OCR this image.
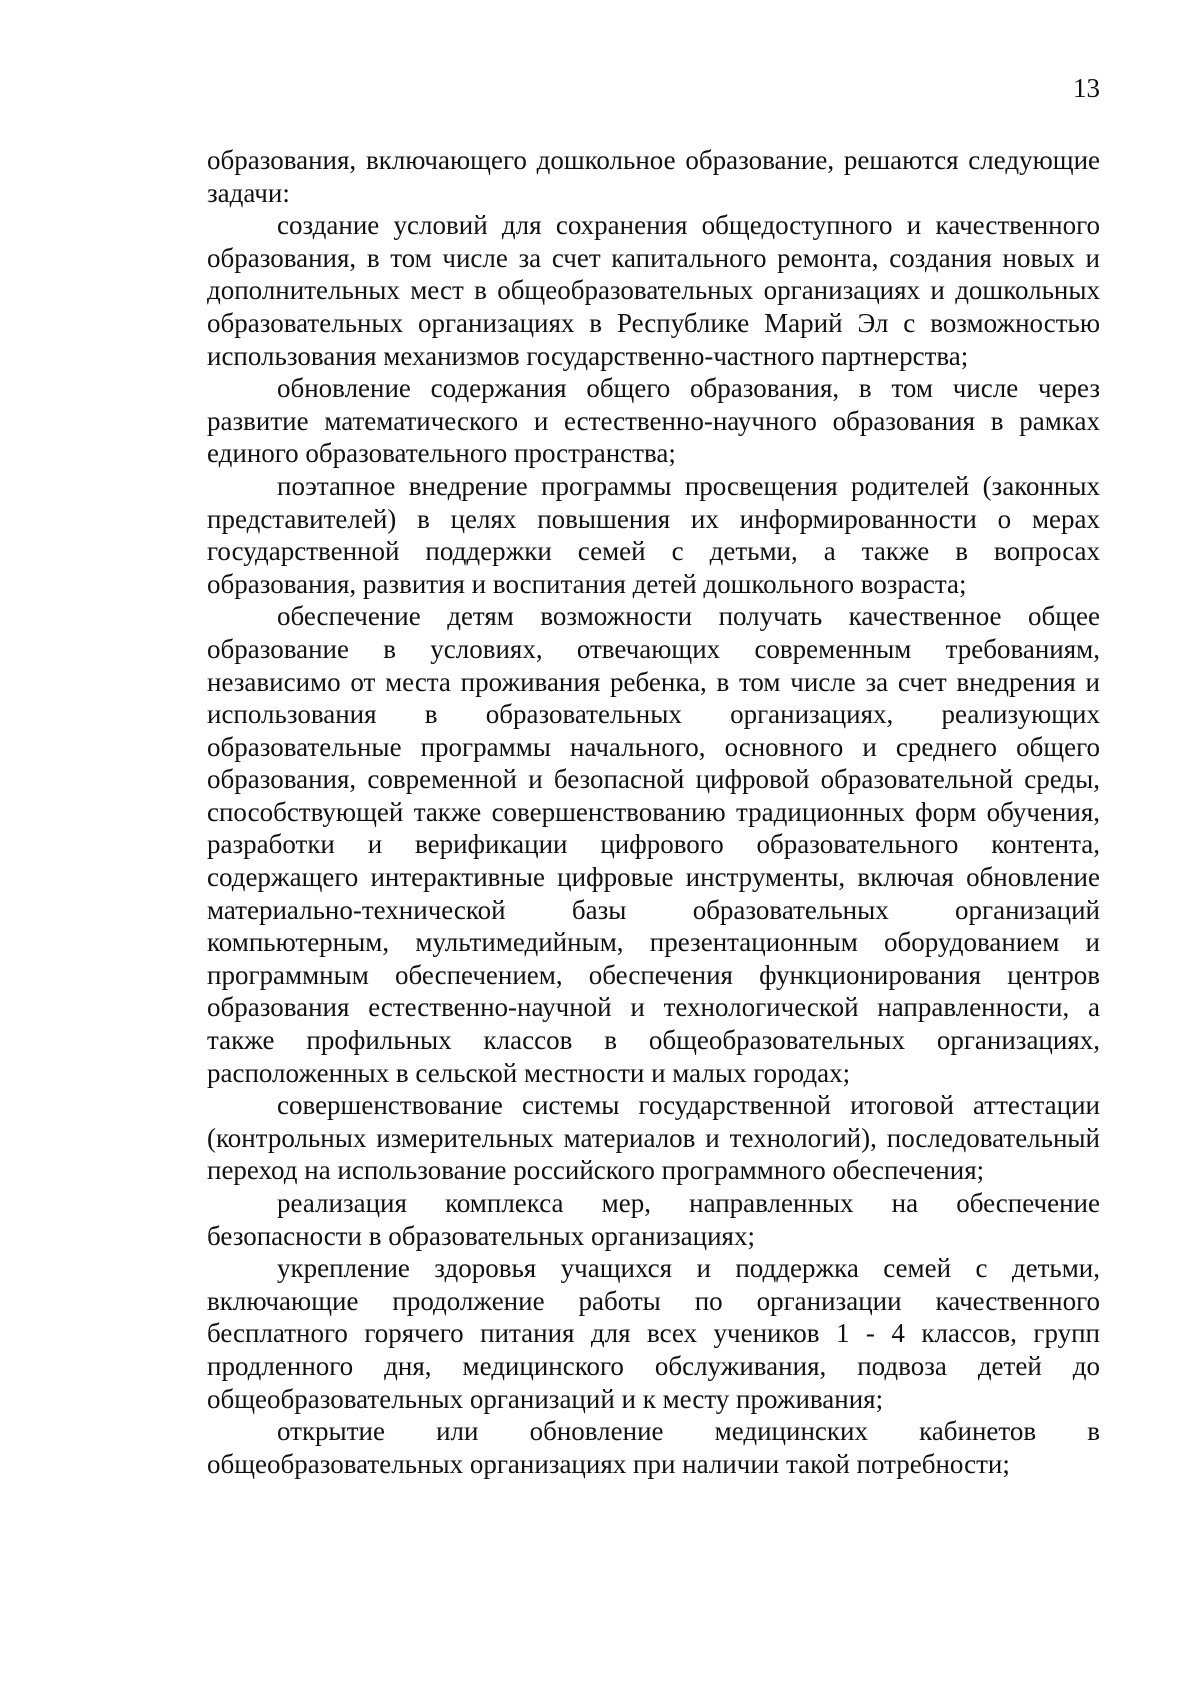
13

образования, включающего дошкольное образование, решаются следующие задачи:

создание условий для сохранения общедоступного и качественного образования, в том числе за счет капитального ремонта, создания новых и дополнительных мест в общеобразовательных организациях и дошкольных образовательных организациях в Республике Марий Эл с возможностью использования механизмов государственно-частного партнерства;

обновление содержания общего образования, в том числе через развитие математического и естественно-научного образования в рамках единого образовательного пространства;

поэтапное внедрение программы просвещения родителей (законных представителей) в целях повышения их информированности о мерах государственной поддержки семей с детьми, а также в вопросах образования, развития и воспитания детей дошкольного возраста;

обеспечение детям возможности получать качественное общее образование в условиях, отвечающих современным требованиям, независимо от места проживания ребенка, в том числе за счет внедрения и использования в образовательных организациях, реализующих образовательные программы начального, основного и среднего общего образования, современной и безопасной цифровой образовательной среды, способствующей также совершенствованию традиционных форм обучения, разработки и верификации цифрового образовательного контента, содержащего интерактивные цифровые инструменты, включая обновление материально-технической базы образовательных организаций компьютерным, мультимедийным, презентационным оборудованием и программным обеспечением, обеспечения функционирования центров образования естественно-научной и технологической направленности, а также профильных классов в общеобразовательных организациях, расположенных в сельской местности и малых городах;

совершенствование системы государственной итоговой аттестации (контрольных измерительных материалов и технологий), последовательный переход на использование российского программного обеспечения;

реализация комплекса мер, направленных на обеспечение безопасности в образовательных организациях;

укрепление здоровья учащихся и поддержка семей с детьми, включающие продолжение работы по организации качественного бесплатного горячего питания для всех учеников 1 - 4 классов, групп продленного дня, медицинского обслуживания, подвоза детей до общеобразовательных организаций и к месту проживания;

открытие или обновление медицинских кабинетов в общеобразовательных организациях при наличии такой потребности;
